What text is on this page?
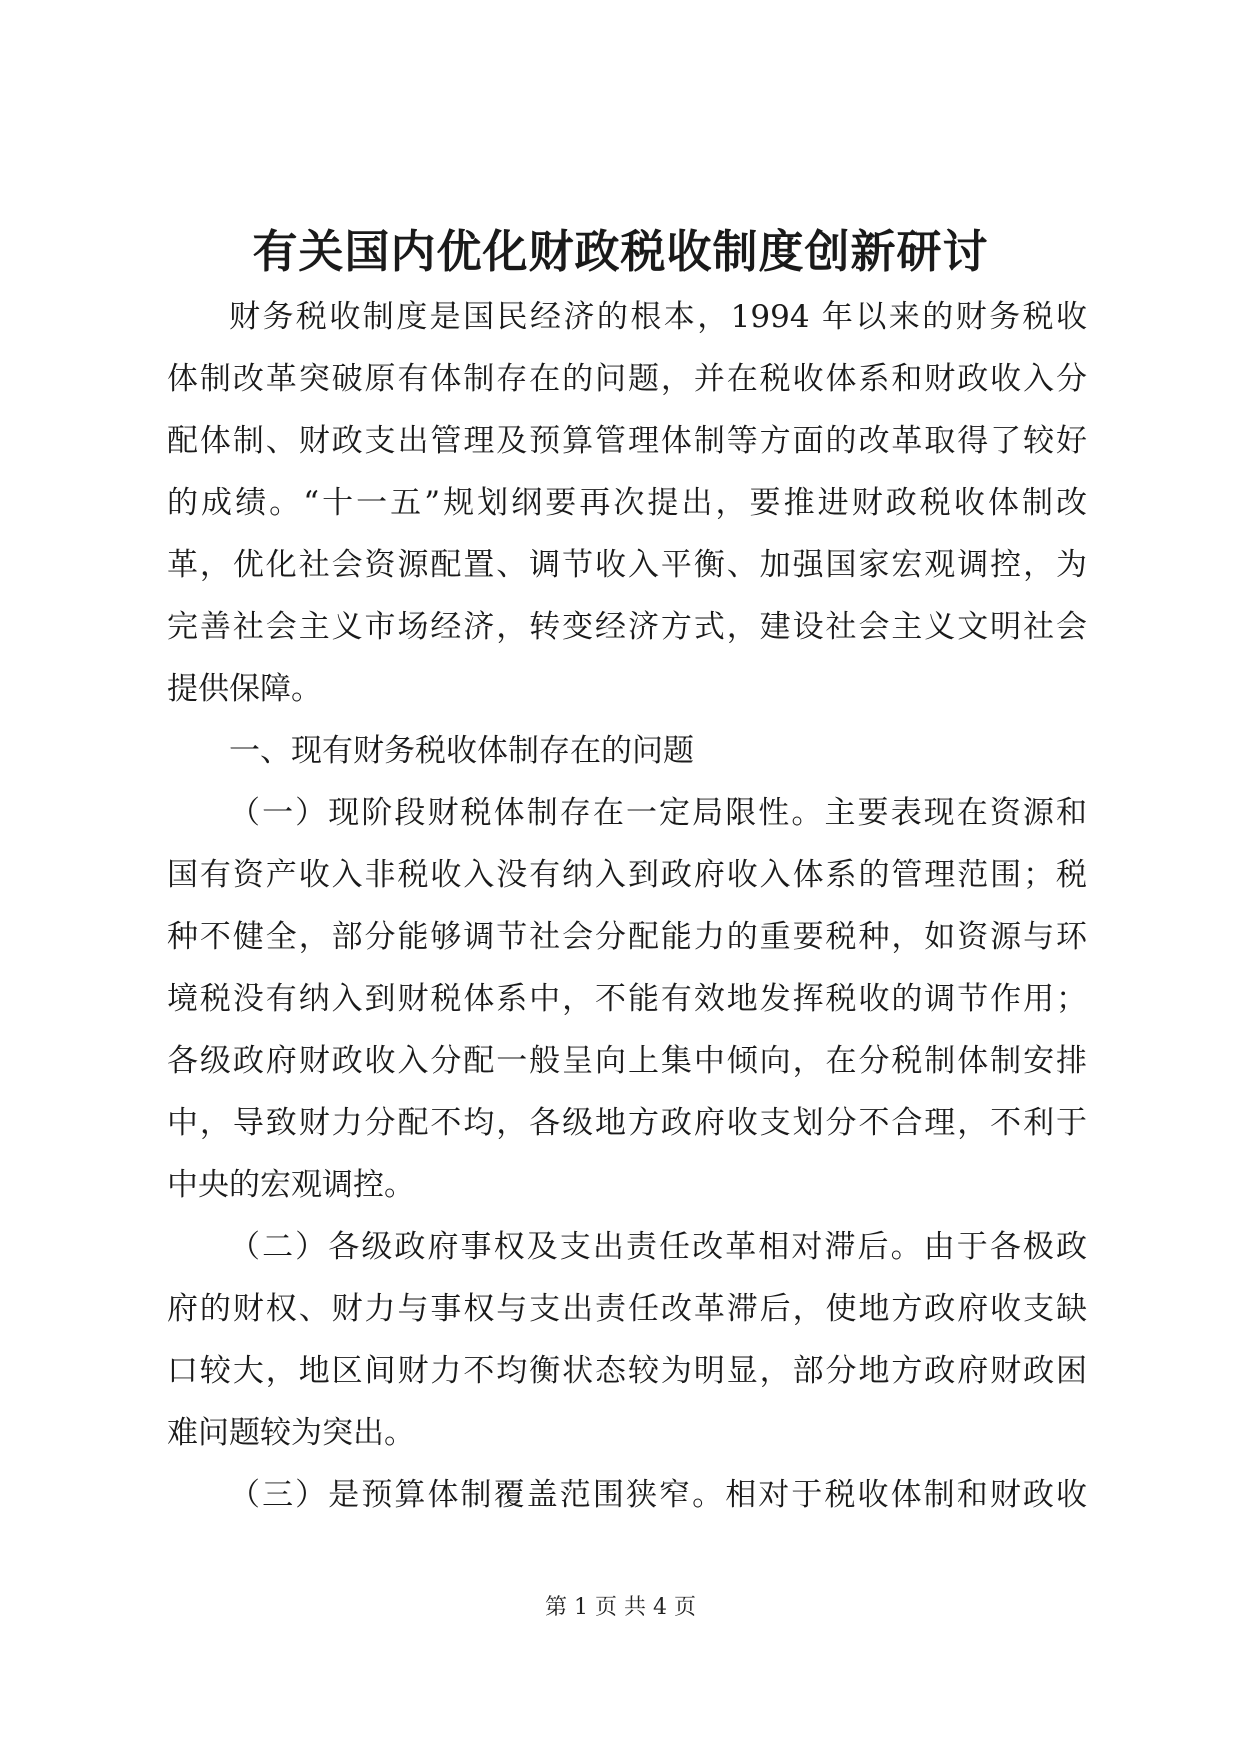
有关国内优化财政税收制度创新研讨

财务税收制度是国民经济的根本，1994 年以来的财务税收

体制改革突破原有体制存在的问题，并在税收体系和财政收入分

配体制、财政支出管理及预算管理体制等方面的改革取得了较好

的成绩。“十一五”规划纲要再次提出，要推进财政税收体制改

革，优化社会资源配置、调节收入平衡、加强国家宏观调控，为

完善社会主义市场经济，转变经济方式，建设社会主义文明社会

提供保障。

一、现有财务税收体制存在的问题

（一）现阶段财税体制存在一定局限性。主要表现在资源和

国有资产收入非税收入没有纳入到政府收入体系的管理范围；税

种不健全，部分能够调节社会分配能力的重要税种，如资源与环

境税没有纳入到财税体系中，不能有效地发挥税收的调节作用；

各级政府财政收入分配一般呈向上集中倾向，在分税制体制安排

中，导致财力分配不均，各级地方政府收支划分不合理，不利于

中央的宏观调控。

（二）各级政府事权及支出责任改革相对滞后。由于各极政

府的财权、财力与事权与支出责任改革滞后，使地方政府收支缺

口较大，地区间财力不均衡状态较为明显，部分地方政府财政困

难问题较为突出。

（三）是预算体制覆盖范围狭窄。相对于税收体制和财政收

第 1 页 共 4 页
